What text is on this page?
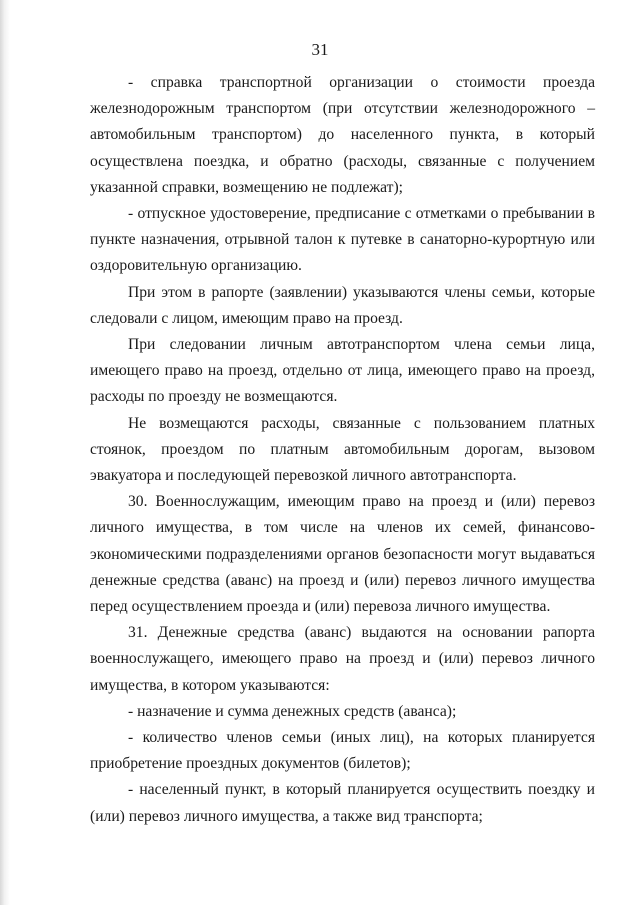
31

- справка транспортной организации о стоимости проезда железнодорожным транспортом (при отсутствии железнодорожного – автомобильным транспортом) до населенного пункта, в который осуществлена поездка, и обратно (расходы, связанные с получением указанной справки, возмещению не подлежат);

- отпускное удостоверение, предписание с отметками о пребывании в пункте назначения, отрывной талон к путевке в санаторно-курортную или оздоровительную организацию.

При этом в рапорте (заявлении) указываются члены семьи, которые следовали с лицом, имеющим право на проезд.

При следовании личным автотранспортом члена семьи лица, имеющего право на проезд, отдельно от лица, имеющего право на проезд, расходы по проезду не возмещаются.

Не возмещаются расходы, связанные с пользованием платных стоянок, проездом по платным автомобильным дорогам, вызовом эвакуатора и последующей перевозкой личного автотранспорта.

30. Военнослужащим, имеющим право на проезд и (или) перевоз личного имущества, в том числе на членов их семей, финансово-экономическими подразделениями органов безопасности могут выдаваться денежные средства (аванс) на проезд и (или) перевоз личного имущества перед осуществлением проезда и (или) перевоза личного имущества.

31. Денежные средства (аванс) выдаются на основании рапорта военнослужащего, имеющего право на проезд и (или) перевоз личного имущества, в котором указываются:

- назначение и сумма денежных средств (аванса);

- количество членов семьи (иных лиц), на которых планируется приобретение проездных документов (билетов);

- населенный пункт, в который планируется осуществить поездку и (или) перевоз личного имущества, а также вид транспорта;
